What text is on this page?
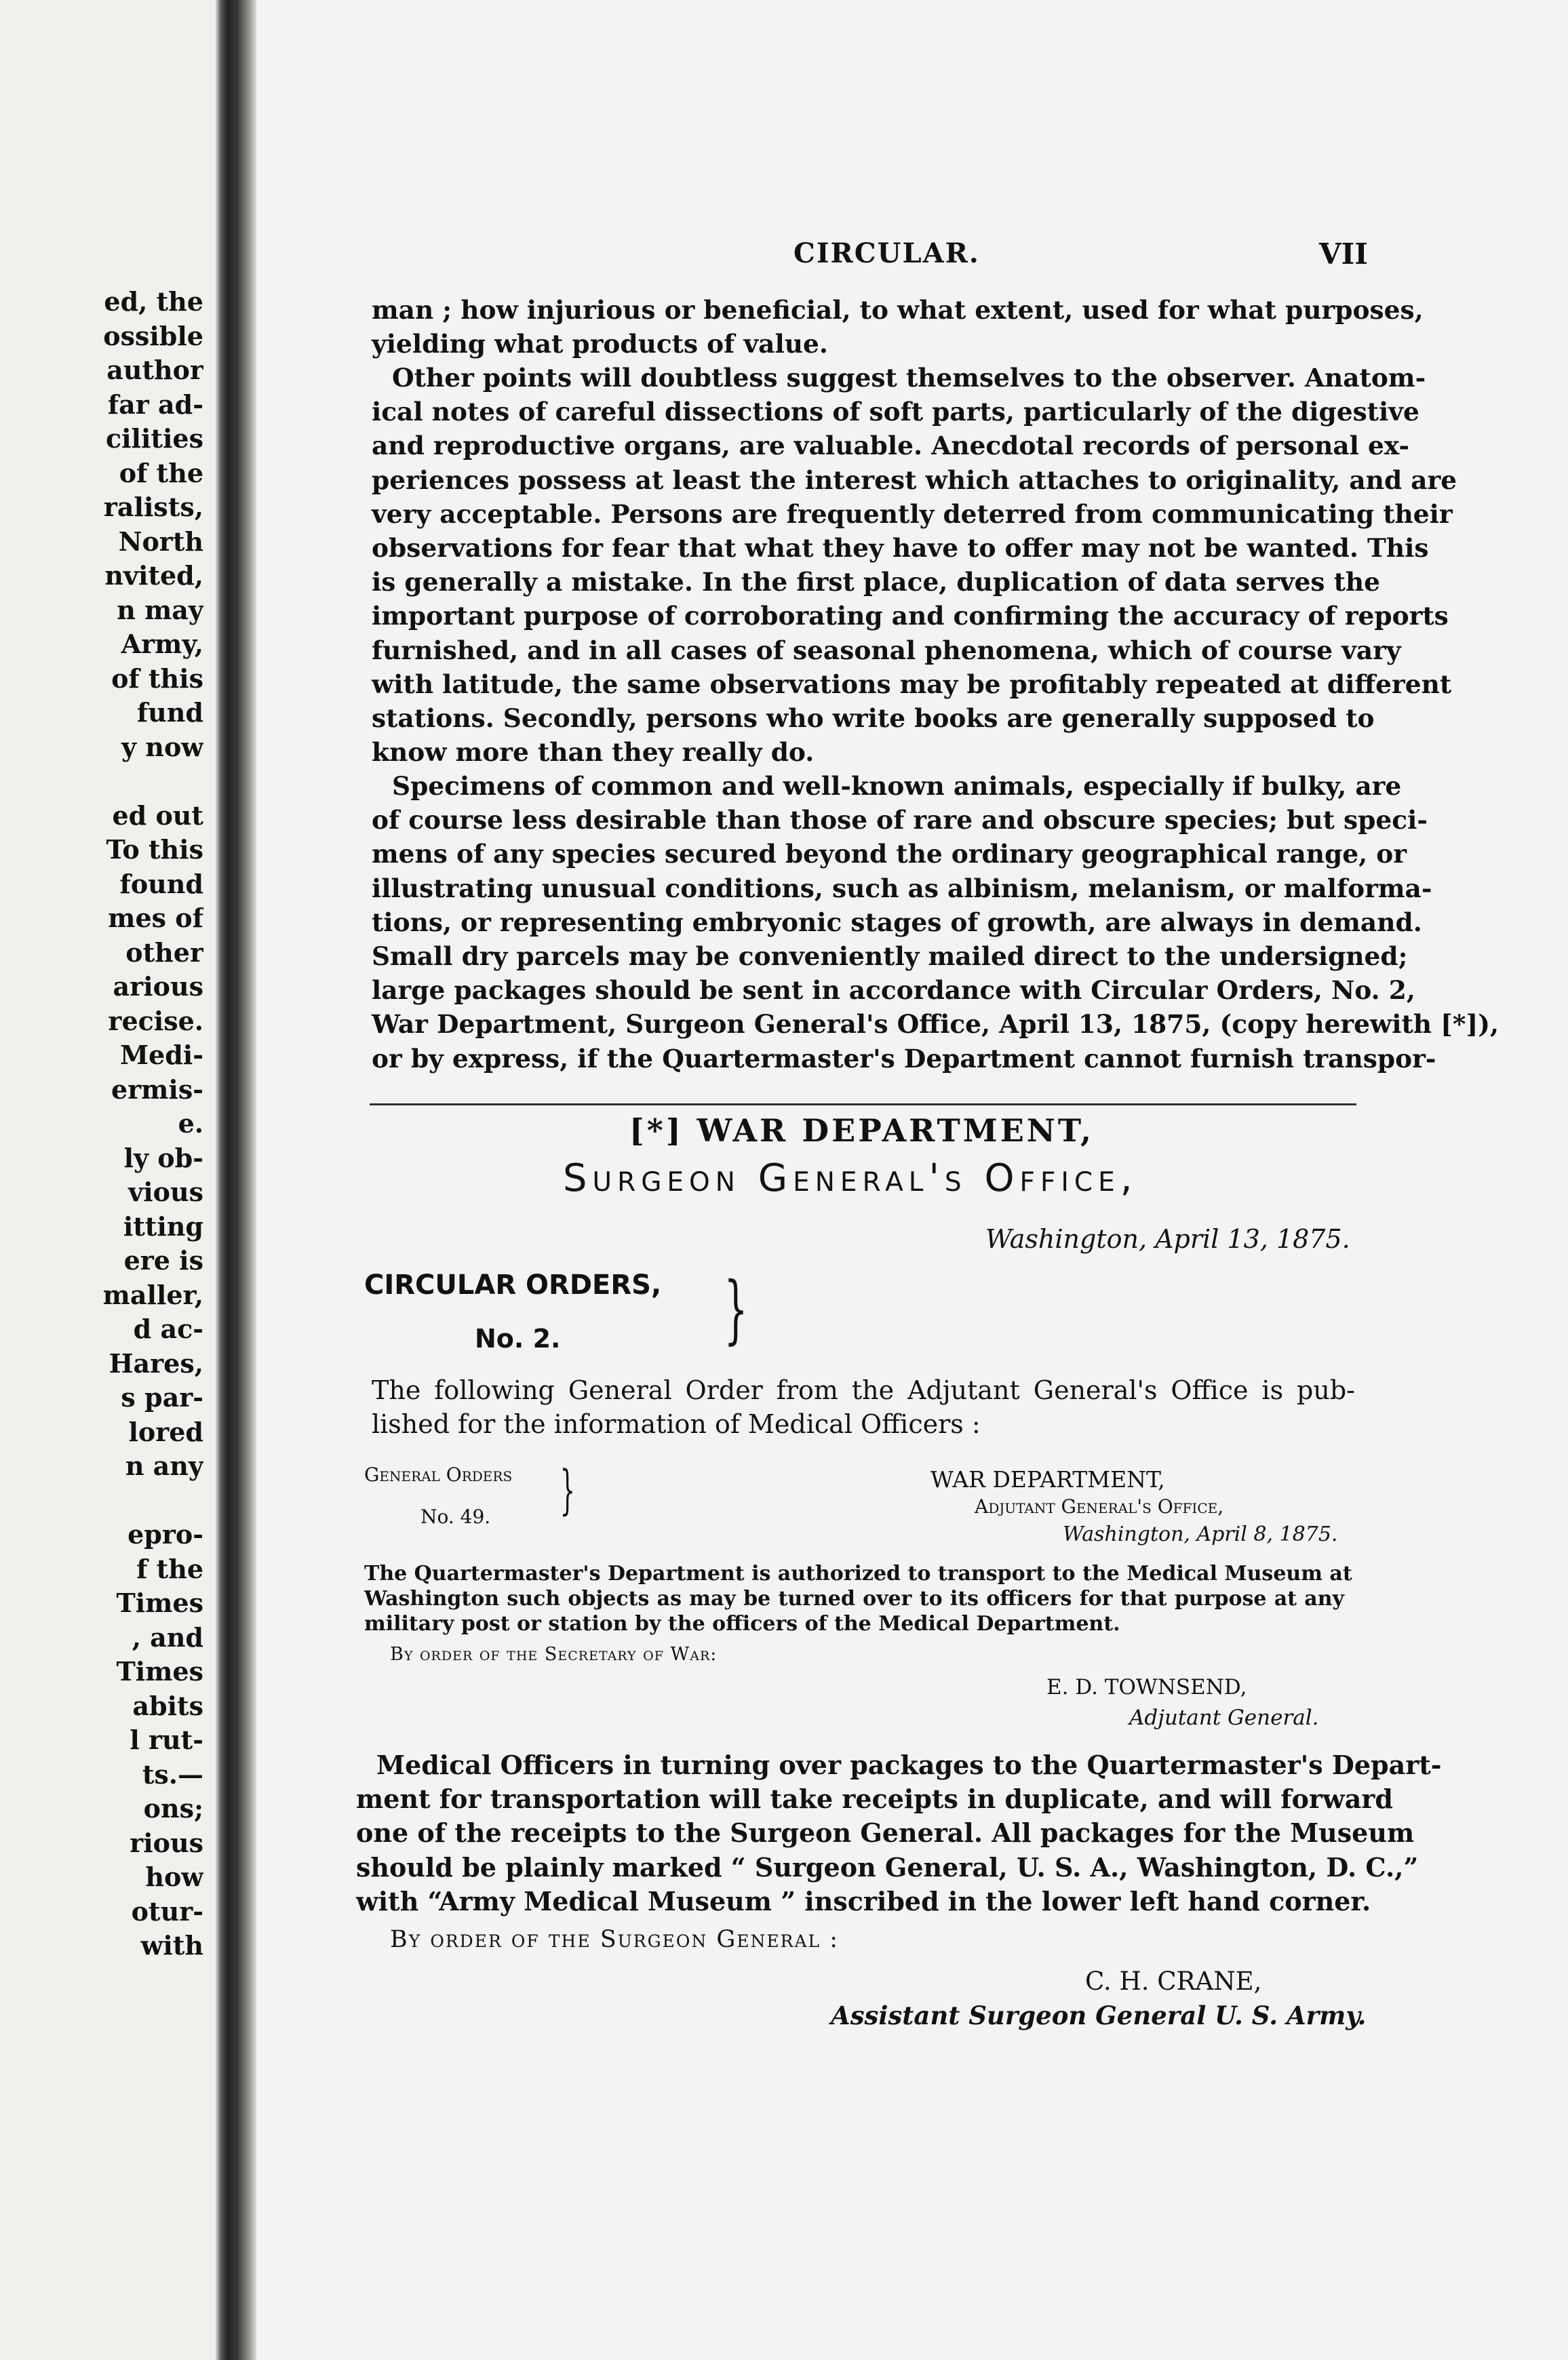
ed, the
ossible
author
far ad-
cilities
of the
ralists,
North
nvited,
n may
Army,
of this
fund
y now
ed out
To this
found
mes of
other
arious
recise.
Medi-
ermis-
e.
ly ob-
vious
itting
ere is
maller,
d ac-
Hares,
s par-
lored
n any
epro-
f the
Times
, and
Times
abits
l rut-
ts.—
ons;
rious
how
otur-
with
CIRCULAR.	VII
man ; how injurious or beneficial, to what extent, used for what purposes,
yielding what products of value.
Other points will doubtless suggest themselves to the observer. Anatom-
ical notes of careful dissections of soft parts, particularly of the digestive
and reproductive organs, are valuable. Anecdotal records of personal ex-
periences possess at least the interest which attaches to originality, and are
very acceptable. Persons are frequently deterred from communicating their
observations for fear that what they have to offer may not be wanted. This
is generally a mistake. In the first place, duplication of data serves the
important purpose of corroborating and confirming the accuracy of reports
furnished, and in all cases of seasonal phenomena, which of course vary
with latitude, the same observations may be profitably repeated at different
stations. Secondly, persons who write books are generally supposed to
know more than they really do.
Specimens of common and well-known animals, especially if bulky, are
of course less desirable than those of rare and obscure species; but speci-
mens of any species secured beyond the ordinary geographical range, or
illustrating unusual conditions, such as albinism, melanism, or malforma-
tions, or representing embryonic stages of growth, are always in demand.
Small dry parcels may be conveniently mailed direct to the undersigned;
large packages should be sent in accordance with Circular Orders, No. 2,
War Department, Surgeon General's Office, April 13, 1875, (copy herewith [*]),
or by express, if the Quartermaster's Department cannot furnish transpor-
[*] WAR DEPARTMENT,
Surgeon General's Office,
Washington, April 13, 1875.
CIRCULAR ORDERS,
No. 2. }
The following General Order from the Adjutant General's Office is pub-
lished for the information of Medical Officers :
General Orders
No. 49. }	WAR DEPARTMENT,
Adjutant General's Office,
Washington, April 8, 1875.
The Quartermaster's Department is authorized to transport to the Medical Museum at
Washington such objects as may be turned over to its officers for that purpose at any
military post or station by the officers of the Medical Department.
By order of the Secretary of War:
E. D. TOWNSEND,
Adjutant General.
Medical Officers in turning over packages to the Quartermaster's Depart-
ment for transportation will take receipts in duplicate, and will forward
one of the receipts to the Surgeon General. All packages for the Museum
should be plainly marked “ Surgeon General, U. S. A., Washington, D. C.,”
with “Army Medical Museum ” inscribed in the lower left hand corner.
By order of the Surgeon General :
C. H. CRANE,
Assistant Surgeon General U. S. Army.
